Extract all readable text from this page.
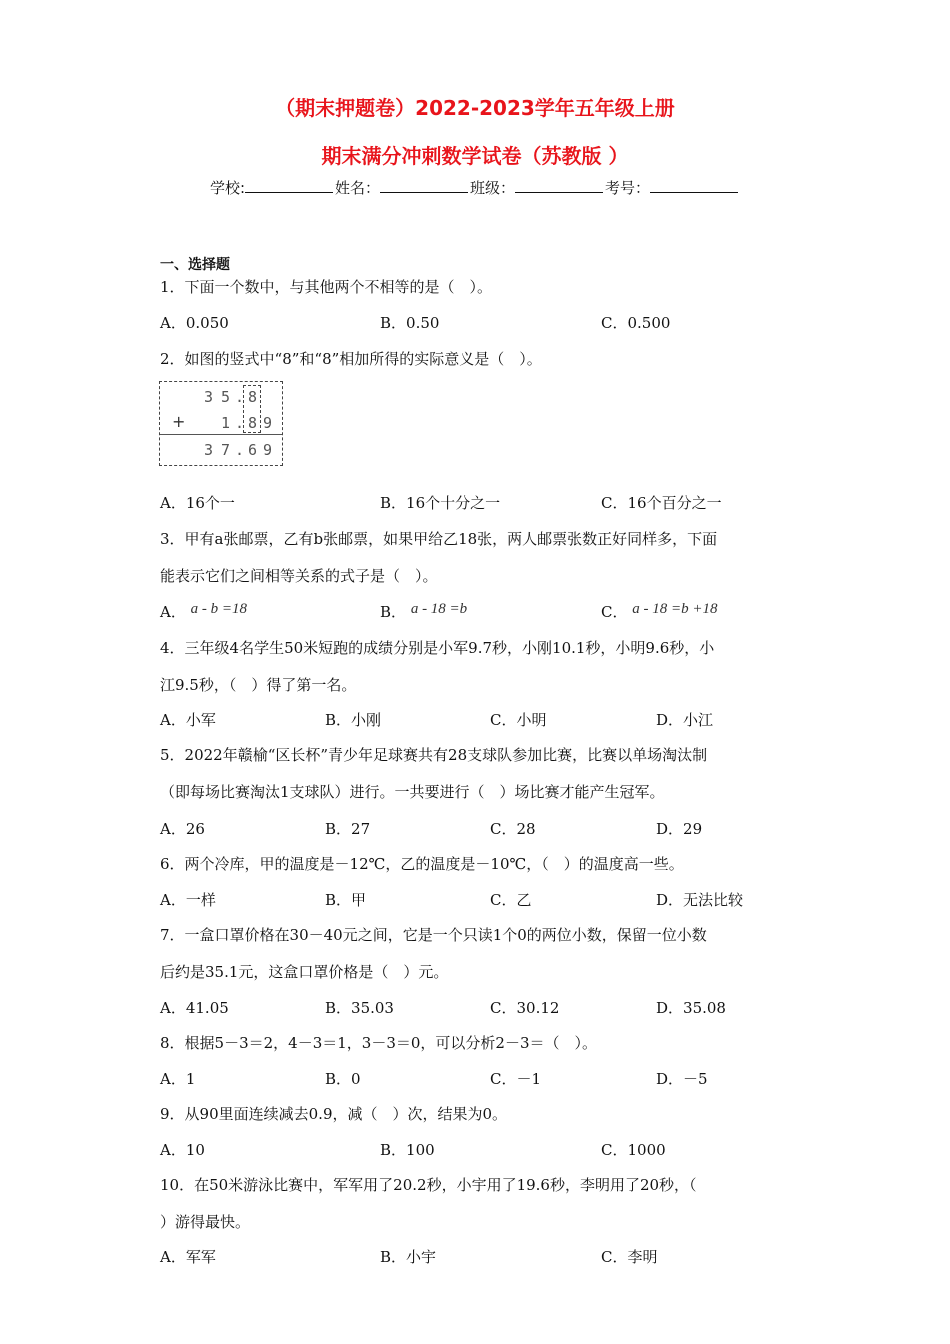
（期末押题卷）2022-2023学年五年级上册
期末满分冲刺数学试卷（苏教版 ）
学校:	姓名：	班级：	考号：
一、选择题
1．下面一个数中，与其他两个不相等的是（　）。
A．0.050	B．0.50	C．0.500
2．如图的竖式中“8”和“8”相加所得的实际意义是（　）。
3 5 . 8
+ 1 . 8 9
3 7 . 6 9
A．16个一	B．16个十分之一	C．16个百分之一
3．甲有a张邮票，乙有b张邮票，如果甲给乙18张，两人邮票张数正好同样多，下面
能表示它们之间相等关系的式子是（　）。
A． a - b =18	B． a - 18 =b	C． a - 18 =b +18
4．三年级4名学生50米短跑的成绩分别是小军9.7秒，小刚10.1秒，小明9.6秒，小
江9.5秒，（　）得了第一名。
A．小军	B．小刚	C．小明	D．小江
5．2022年赣榆“区长杯”青少年足球赛共有28支球队参加比赛，比赛以单场淘汰制
（即每场比赛淘汰1支球队）进行。一共要进行（　）场比赛才能产生冠军。
A．26	B．27	C．28	D．29
6．两个冷库，甲的温度是－12℃，乙的温度是－10℃，（　）的温度高一些。
A．一样	B．甲	C．乙	D．无法比较
7．一盒口罩价格在30－40元之间，它是一个只读1个0的两位小数，保留一位小数
后约是35.1元，这盒口罩价格是（　）元。
A．41.05	B．35.03	C．30.12	D．35.08
8．根据5－3＝2，4－3＝1，3－3＝0，可以分析2－3＝（　）。
A．1	B．0	C．－1	D．－5
9．从90里面连续减去0.9，减（　）次，结果为0。
A．10	B．100	C．1000
10．在50米游泳比赛中，军军用了20.2秒，小宇用了19.6秒，李明用了20秒，（
）游得最快。
A．军军	B．小宇	C．李明
